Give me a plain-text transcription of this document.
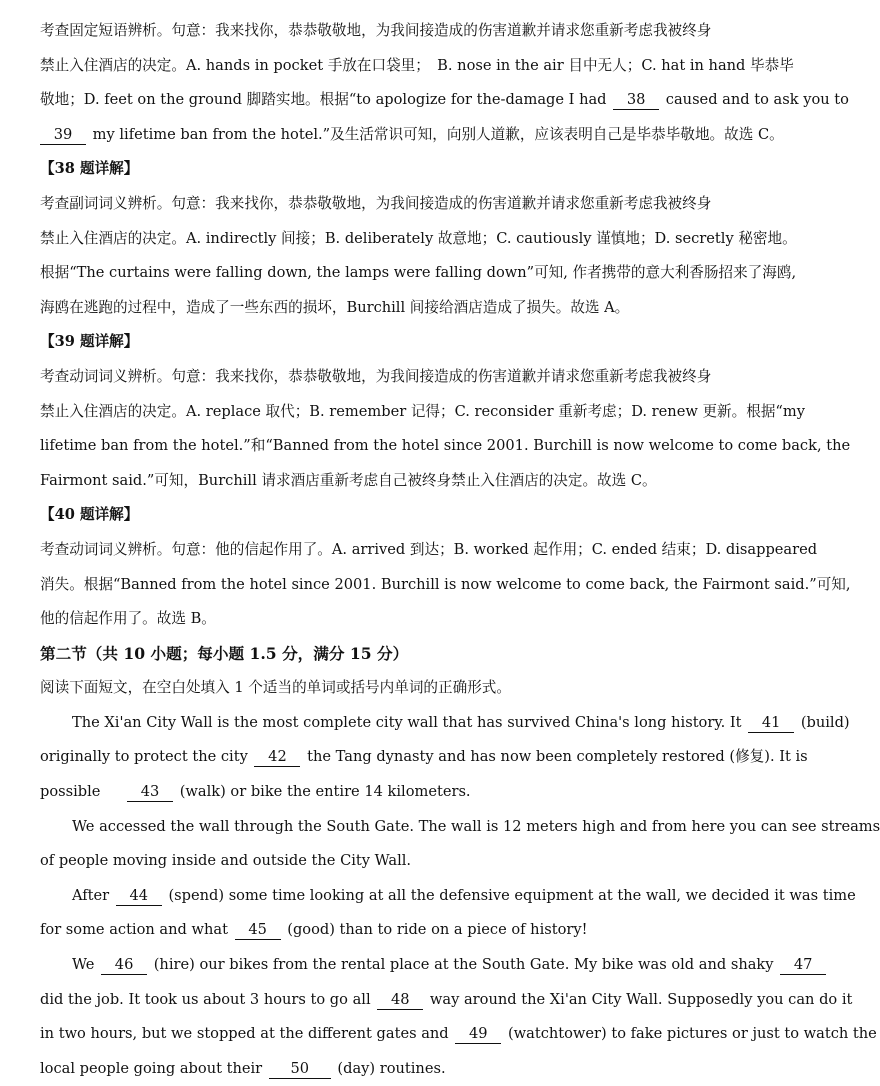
考查固定短语辨析。句意：我来找你，恭恭敬敬地，为我间接造成的伤害道歉并请求您重新考虑我被终身
禁止入住酒店的决定。A. hands in pocket 手放在口袋里；　B. nose in the air 目中无人；C. hat in hand 毕恭毕
敬地；D. feet on the ground 脚踏实地。根据“to apologize for the-damage I had 38 caused and to ask you to
39 my lifetime ban from the hotel.”及生活常识可知，向别人道歉，应该表明自己是毕恭毕敬地。故选 C。
【38 题详解】
考查副词词义辨析。句意：我来找你，恭恭敬敬地，为我间接造成的伤害道歉并请求您重新考虑我被终身
禁止入住酒店的决定。A. indirectly 间接；B. deliberately 故意地；C. cautiously 谨慎地；D. secretly 秘密地。
根据“The curtains were falling down, the lamps were falling down”可知, 作者携带的意大利香肠招来了海鸥,
海鸥在逃跑的过程中，造成了一些东西的损坏，Burchill 间接给酒店造成了损失。故选 A。
【39 题详解】
考查动词词义辨析。句意：我来找你，恭恭敬敬地，为我间接造成的伤害道歉并请求您重新考虑我被终身
禁止入住酒店的决定。A. replace 取代；B. remember 记得；C. reconsider 重新考虑；D. renew 更新。根据“my
lifetime ban from the hotel.”和“Banned from the hotel since 2001. Burchill is now welcome to come back, the
Fairmont said.”可知，Burchill 请求酒店重新考虑自己被终身禁止入住酒店的决定。故选 C。
【40 题详解】
考查动词词义辨析。句意：他的信起作用了。A. arrived 到达；B. worked 起作用；C. ended 结束；D. disappeared
消失。根据“Banned from the hotel since 2001. Burchill is now welcome to come back, the Fairmont said.”可知,
他的信起作用了。故选 B。
第二节（共 10 小题；每小题 1.5 分，满分 15 分）
阅读下面短文，在空白处填入 1 个适当的单词或括号内单词的正确形式。
The Xi'an City Wall is the most complete city wall that has survived China's long history. It 41 (build)
originally to protect the city 42 the Tang dynasty and has now been completely restored (修复). It is
possible	43 (walk) or bike the entire 14 kilometers.
We accessed the wall through the South Gate. The wall is 12 meters high and from here you can see streams
of people moving inside and outside the City Wall.
After 44 (spend) some time looking at all the defensive equipment at the wall, we decided it was time
for some action and what 45 (good) than to ride on a piece of history!
We 46 (hire) our bikes from the rental place at the South Gate. My bike was old and shaky 47
did the job. It took us about 3 hours to go all 48 way around the Xi'an City Wall. Supposedly you can do it
in two hours, but we stopped at the different gates and 49 (watchtower) to fake pictures or just to watch the
local people going about their 50 (day) routines.
